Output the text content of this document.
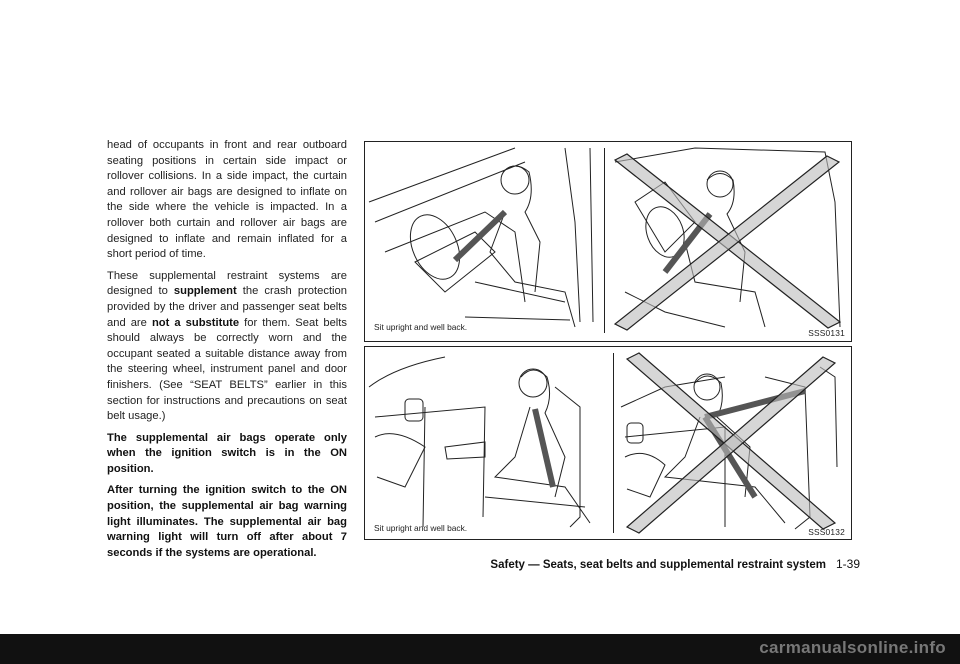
head of occupants in front and rear outboard seating positions in certain side impact or rollover collisions. In a side impact, the curtain and rollover air bags are designed to inflate on the side where the vehicle is impacted. In a rollover both curtain and rollover air bags are designed to inflate and remain inflated for a short period of time.

These supplemental restraint systems are designed to supplement the crash protection provided by the driver and passenger seat belts and are not a substitute for them. Seat belts should always be correctly worn and the occupant seated a suitable distance away from the steering wheel, instrument panel and door finishers. (See “SEAT BELTS” earlier in this section for instructions and precautions on seat belt usage.)

The supplemental air bags operate only when the ignition switch is in the ON position.

After turning the ignition switch to the ON position, the supplemental air bag warning light illuminates. The supplemental air bag warning light will turn off after about 7 seconds if the systems are operational.

Sit upright and well back.
SSS0131
Sit upright and well back.	SSS0132
Safety — Seats, seat belts and supplemental restraint system 1-39
carmanualsonline.info
